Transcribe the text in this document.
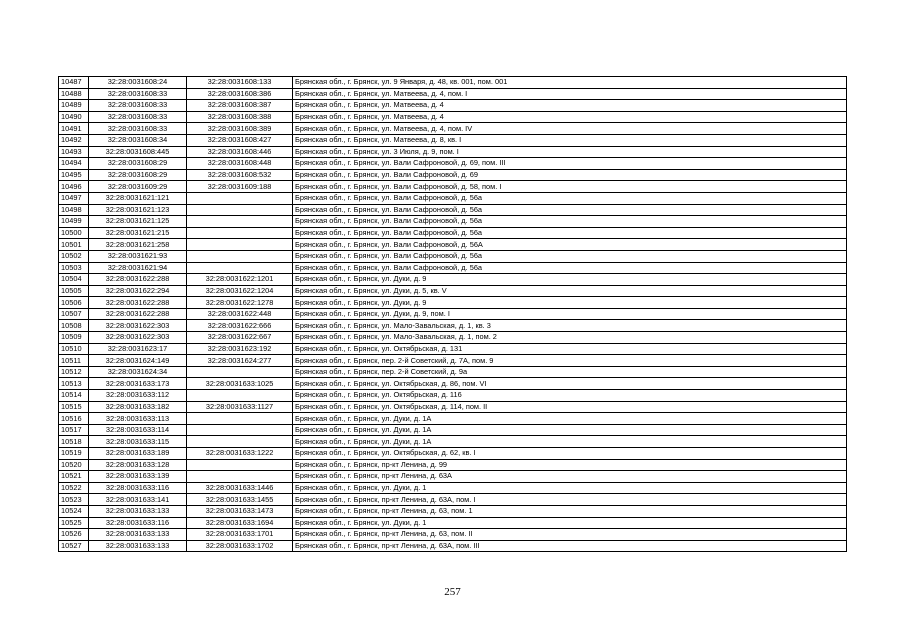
10487	32:28:0031608:24	32:28:0031608:133	Брянская обл., г. Брянск, ул. 9 Января, д. 48, кв. 001, пом. 001
10488	32:28:0031608:33	32:28:0031608:386	Брянская обл., г. Брянск, ул. Матвеева, д. 4, пом. I
10489	32:28:0031608:33	32:28:0031608:387	Брянская обл., г. Брянск, ул. Матвеева, д. 4
10490	32:28:0031608:33	32:28:0031608:388	Брянская обл., г. Брянск, ул. Матвеева, д. 4
10491	32:28:0031608:33	32:28:0031608:389	Брянская обл., г. Брянск, ул. Матвеева, д. 4, пом. IV
10492	32:28:0031608:34	32:28:0031608:427	Брянская обл., г. Брянск, ул. Матвеева, д. 8, кв. I
10493	32:28:0031608:445	32:28:0031608:446	Брянская обл., г. Брянск, ул. 3 Июля, д. 9, пом. I
10494	32:28:0031608:29	32:28:0031608:448	Брянская обл., г. Брянск, ул. Вали Сафроновой, д. 69, пом. III
10495	32:28:0031608:29	32:28:0031608:532	Брянская обл., г. Брянск, ул. Вали Сафроновой, д. 69
10496	32:28:0031609:29	32:28:0031609:188	Брянская обл., г. Брянск, ул. Вали Сафроновой, д. 58, пом. I
10497	32:28:0031621:121		Брянская обл., г. Брянск, ул. Вали Сафроновой, д. 56а
10498	32:28:0031621:123		Брянская обл., г. Брянск, ул. Вали Сафроновой, д. 56а
10499	32:28:0031621:125		Брянская обл., г. Брянск, ул. Вали Сафроновой, д. 56а
10500	32:28:0031621:215		Брянская обл., г. Брянск, ул. Вали Сафроновой, д. 56а
10501	32:28:0031621:258		Брянская обл., г. Брянск, ул. Вали Сафроновой, д. 56А
10502	32:28:0031621:93		Брянская обл., г. Брянск, ул. Вали Сафроновой, д. 56а
10503	32:28:0031621:94		Брянская обл., г. Брянск, ул. Вали Сафроновой, д. 56а
10504	32:28:0031622:288	32:28:0031622:1201	Брянская обл., г. Брянск, ул. Дуки, д. 9
10505	32:28:0031622:294	32:28:0031622:1204	Брянская обл., г. Брянск, ул. Дуки, д. 5, кв. V
10506	32:28:0031622:288	32:28:0031622:1278	Брянская обл., г. Брянск, ул. Дуки, д. 9
10507	32:28:0031622:288	32:28:0031622:448	Брянская обл., г. Брянск, ул. Дуки, д. 9, пом. I
10508	32:28:0031622:303	32:28:0031622:666	Брянская обл., г. Брянск, ул. Мало-Завальская, д. 1, кв. 3
10509	32:28:0031622:303	32:28:0031622:667	Брянская обл., г. Брянск, ул. Мало-Завальская, д. 1, пом. 2
10510	32:28:0031623:17	32:28:0031623:192	Брянская обл., г. Брянск, ул. Октябрьская, д. 131
10511	32:28:0031624:149	32:28:0031624:277	Брянская обл., г. Брянск, пер. 2-й Советский, д. 7А, пом. 9
10512	32:28:0031624:34		Брянская обл., г. Брянск, пер. 2-й Советский, д. 9а
10513	32:28:0031633:173	32:28:0031633:1025	Брянская обл., г. Брянск, ул. Октябрьская, д. 86, пом. VI
10514	32:28:0031633:112		Брянская обл., г. Брянск, ул. Октябрьская, д. 116
10515	32:28:0031633:182	32:28:0031633:1127	Брянская обл., г. Брянск, ул. Октябрьская, д. 114, пом. II
10516	32:28:0031633:113		Брянская обл., г. Брянск, ул. Дуки, д. 1А
10517	32:28:0031633:114		Брянская обл., г. Брянск, ул. Дуки, д. 1А
10518	32:28:0031633:115		Брянская обл., г. Брянск, ул. Дуки, д. 1А
10519	32:28:0031633:189	32:28:0031633:1222	Брянская обл., г. Брянск, ул. Октябрьская, д. 62, кв. I
10520	32:28:0031633:128		Брянская обл., г. Брянск, пр-кт Ленина, д. 99
10521	32:28:0031633:139		Брянская обл., г. Брянск, пр-кт Ленина, д. 63А
10522	32:28:0031633:116	32:28:0031633:1446	Брянская обл., г. Брянск, ул. Дуки, д. 1
10523	32:28:0031633:141	32:28:0031633:1455	Брянская обл., г. Брянск, пр-кт Ленина, д. 63А, пом. I
10524	32:28:0031633:133	32:28:0031633:1473	Брянская обл., г. Брянск, пр-кт Ленина, д. 63, пом. 1
10525	32:28:0031633:116	32:28:0031633:1694	Брянская обл., г. Брянск, ул. Дуки, д. 1
10526	32:28:0031633:133	32:28:0031633:1701	Брянская обл., г. Брянск, пр-кт Ленина, д. 63, пом. II
10527	32:28:0031633:133	32:28:0031633:1702	Брянская обл., г. Брянск, пр-кт Ленина, д. 63А, пом. III
257
